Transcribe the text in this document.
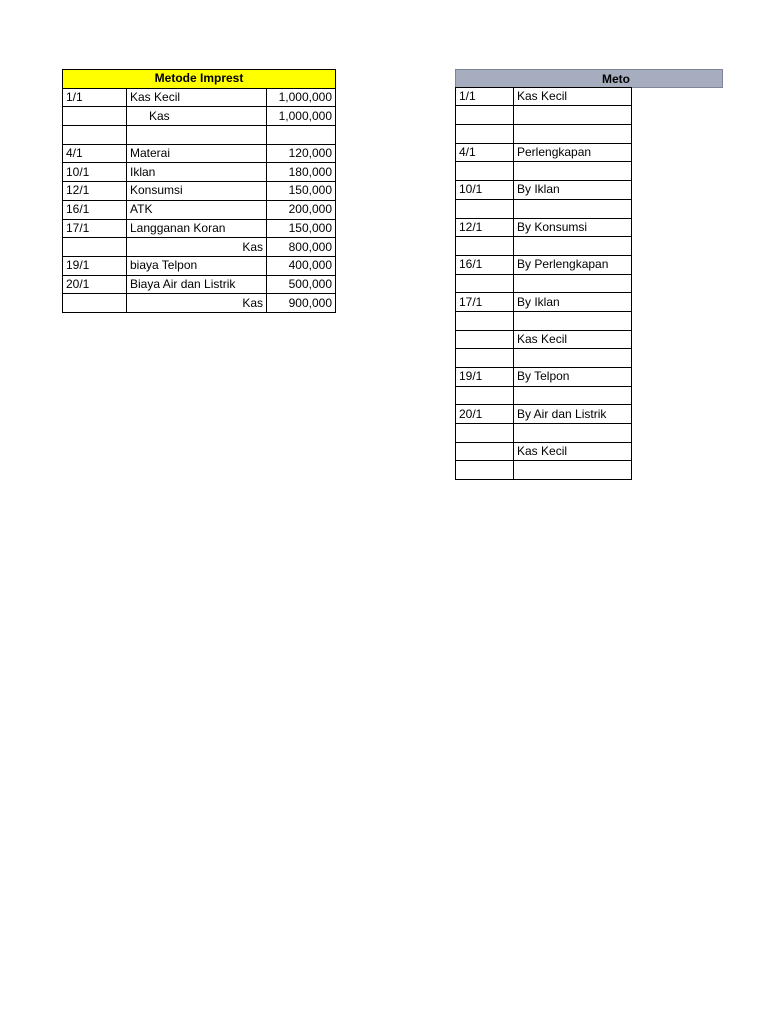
Metode Imprest		
1/1	Kas Kecil	1,000,000
	Kas	1,000,000

4/1	Materai	120,000
10/1	Iklan	180,000
12/1	Konsumsi	150,000
16/1	ATK	200,000
17/1	Langganan Koran	150,000
	Kas	800,000
19/1	biaya Telpon	400,000
20/1	Biaya Air dan Listrik	500,000
	Kas	900,000
Meto
1/1	Kas Kecil

4/1	Perlengkapan

10/1	By Iklan

12/1	By Konsumsi

16/1	By Perlengkapan

17/1	By Iklan

	Kas Kecil

19/1	By Telpon

20/1	By Air dan Listrik

	Kas Kecil
